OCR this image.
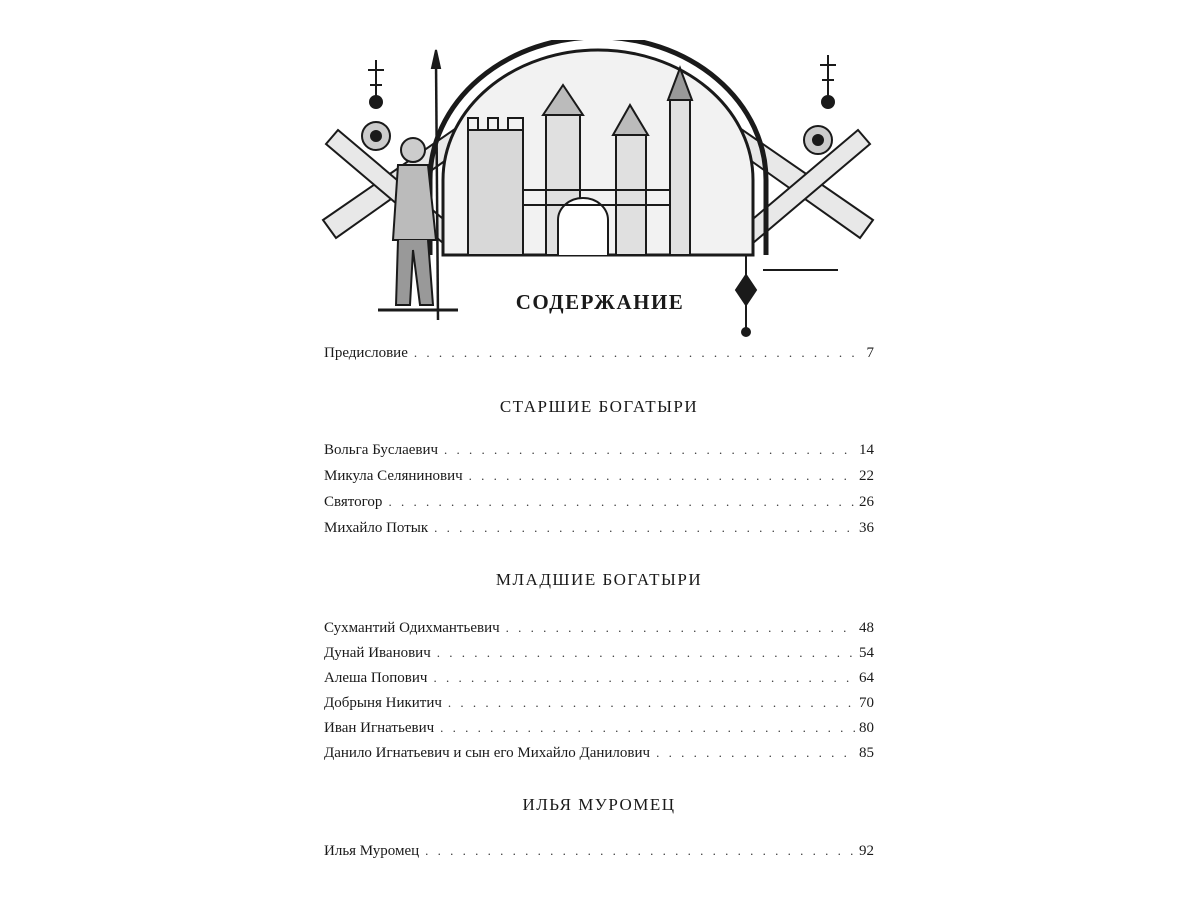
СОДЕРЖАНИЕ
Предисловие . . .	7
СТАРШИЕ БОГАТЫРИ
Вольга Буслаевич . . .	14
Микула Селянинович . . .	22
Святогор . . .	26
Михайло Потык . . .	36
МЛАДШИЕ БОГАТЫРИ
Сухмантий Одихмантьевич . . .	48
Дунай Иванович . . .	54
Алеша Попович . . .	64
Добрыня Никитич . . .	70
Иван Игнатьевич . . .	80
Данило Игнатьевич и сын его Михайло Данилович . . .	85
ИЛЬЯ МУРОМЕЦ
Илья Муромец . . .	92
